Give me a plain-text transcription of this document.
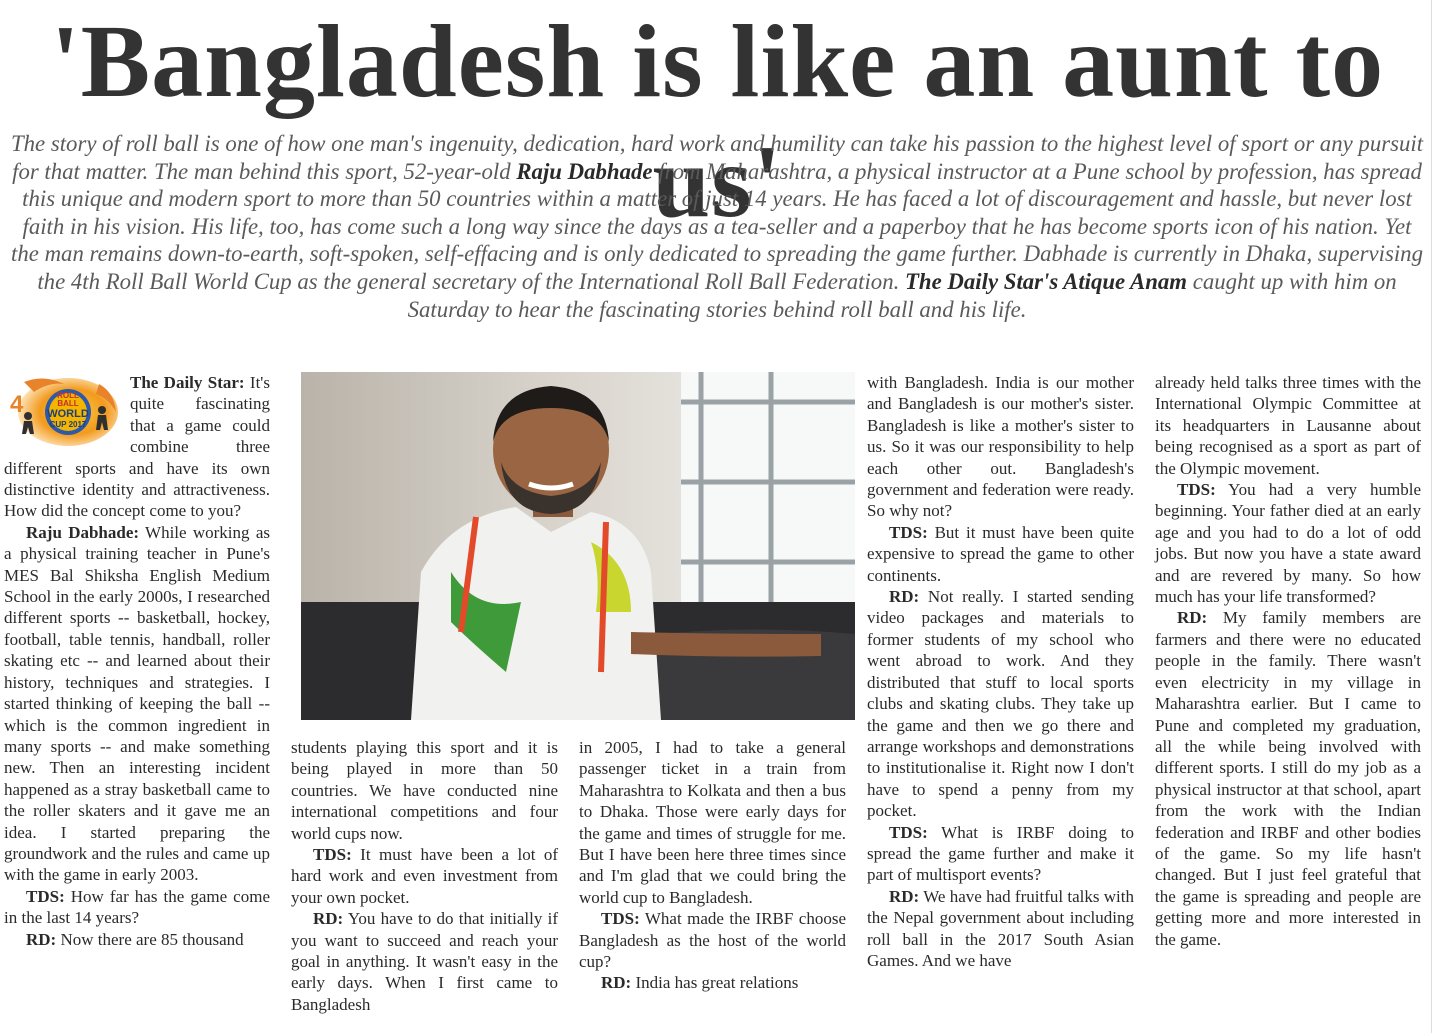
'Bangladesh is like an aunt to us'

The story of roll ball is one of how one man's ingenuity, dedication, hard work and humility can take his passion to the highest level of sport or any pursuit for that matter. The man behind this sport, 52-year-old Raju Dabhade from Maharashtra, a physical instructor at a Pune school by profession, has spread this unique and modern sport to more than 50 countries within a matter of just 14 years. He has faced a lot of discouragement and hassle, but never lost faith in his vision. His life, too, has come such a long way since the days as a tea-seller and a paperboy that he has become sports icon of his nation. Yet the man remains down-to-earth, soft-spoken, self-effacing and is only dedicated to spreading the game further. Dabhade is currently in Dhaka, supervising the 4th Roll Ball World Cup as the general secretary of the International Roll Ball Federation. The Daily Star's Atique Anam caught up with him on Saturday to hear the fascinating stories behind roll ball and his life.

4	ROLL
BALL
WORLD
CUP 2017

The Daily Star: It's quite fascinating that a game could combine three different sports and have its own distinctive identity and attractiveness. How did the concept come to you?

Raju Dabhade: While working as a physical training teacher in Pune's MES Bal Shiksha English Medium School in the early 2000s, I researched different sports -- basketball, hockey, football, table tennis, handball, roller skating etc -- and learned about their history, techniques and strategies. I started thinking of keeping the ball -- which is the common ingredient in many sports -- and make something new. Then an interesting incident happened as a stray basketball came to the roller skaters and it gave me an idea. I started preparing the groundwork and the rules and came up with the game in early 2003.

TDS: How far has the game come in the last 14 years?

RD: Now there are 85 thousand

students playing this sport and it is being played in more than 50 countries. We have conducted nine international competitions and four world cups now.

TDS: It must have been a lot of hard work and even investment from your own pocket.

RD: You have to do that initially if you want to succeed and reach your goal in anything. It wasn't easy in the early days. When I first came to Bangladesh

in 2005, I had to take a general passenger ticket in a train from Maharashtra to Kolkata and then a bus to Dhaka. Those were early days for the game and times of struggle for me. But I have been here three times since and I'm glad that we could bring the world cup to Bangladesh.

TDS: What made the IRBF choose Bangladesh as the host of the world cup?

RD: India has great relations

with Bangladesh. India is our mother and Bangladesh is our mother's sister. Bangladesh is like a mother's sister to us. So it was our responsibility to help each other out. Bangladesh's government and federation were ready. So why not?

TDS: But it must have been quite expensive to spread the game to other continents.

RD: Not really. I started sending video packages and materials to former students of my school who went abroad to work. And they distributed that stuff to local sports clubs and skating clubs. They take up the game and then we go there and arrange workshops and demonstrations to institutionalise it. Right now I don't have to spend a penny from my pocket.

TDS: What is IRBF doing to spread the game further and make it part of multisport events?

RD: We have had fruitful talks with the Nepal government about including roll ball in the 2017 South Asian Games. And we have

already held talks three times with the International Olympic Committee at its headquarters in Lausanne about being recognised as a sport as part of the Olympic movement.

TDS: You had a very humble beginning. Your father died at an early age and you had to do a lot of odd jobs. But now you have a state award and are revered by many. So how much has your life transformed?

RD: My family members are farmers and there were no educated people in the family. There wasn't even electricity in my village in Maharashtra earlier. But I came to Pune and completed my graduation, all the while being involved with different sports. I still do my job as a physical instructor at that school, apart from the work with the Indian federation and IRBF and other bodies of the game. So my life hasn't changed. But I just feel grateful that the game is spreading and people are getting more and more interested in the game.
